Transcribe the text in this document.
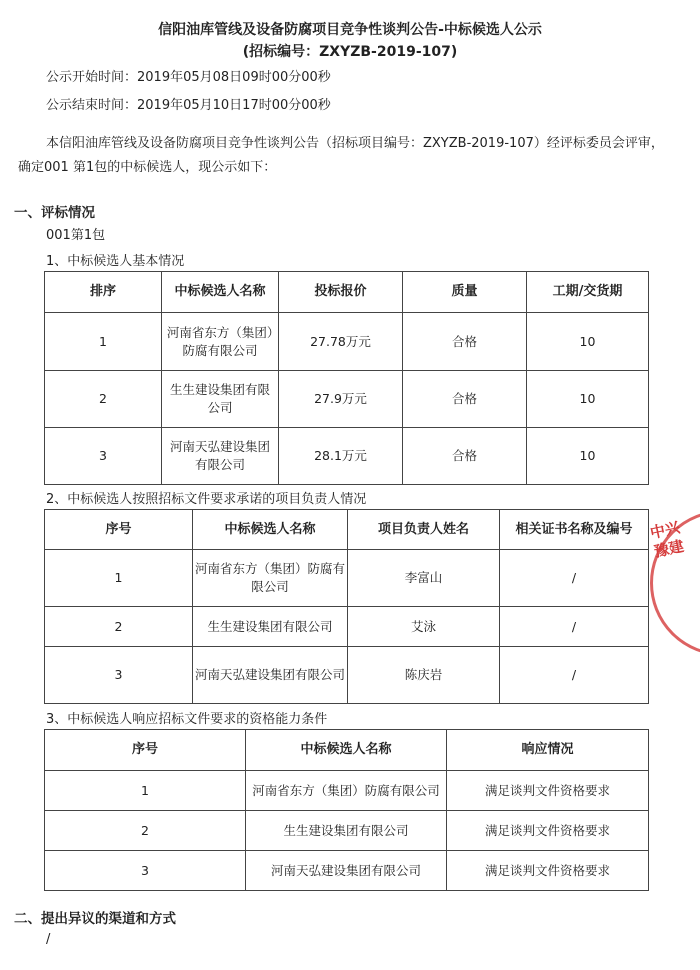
信阳油库管线及设备防腐项目竞争性谈判公告-中标候选人公示
(招标编号：ZXYZB-2019-107)
公示开始时间：2019年05月08日09时00分00秒
公示结束时间：2019年05月10日17时00分00秒
本信阳油库管线及设备防腐项目竞争性谈判公告（招标项目编号：ZXYZB-2019-107）经评标委员会评审，确定001 第1包的中标候选人，现公示如下：
一、评标情况
001第1包
1、中标候选人基本情况
排序	中标候选人名称	投标报价	质量	工期/交货期
1	河南省东方（集团）防腐有限公司	27.78万元	合格	10
2	生生建设集团有限公司	27.9万元	合格	10
3	河南天弘建设集团有限公司	28.1万元	合格	10
2、中标候选人按照招标文件要求承诺的项目负责人情况
序号	中标候选人名称	项目负责人姓名	相关证书名称及编号
1	河南省东方（集团）防腐有限公司	李富山	/
2	生生建设集团有限公司	艾泳	/
3	河南天弘建设集团有限公司	陈庆岩	/
3、中标候选人响应招标文件要求的资格能力条件
序号	中标候选人名称	响应情况
1	河南省东方（集团）防腐有限公司	满足谈判文件资格要求
2	生生建设集团有限公司	满足谈判文件资格要求
3	河南天弘建设集团有限公司	满足谈判文件资格要求
二、提出异议的渠道和方式
/
中兴豫建
